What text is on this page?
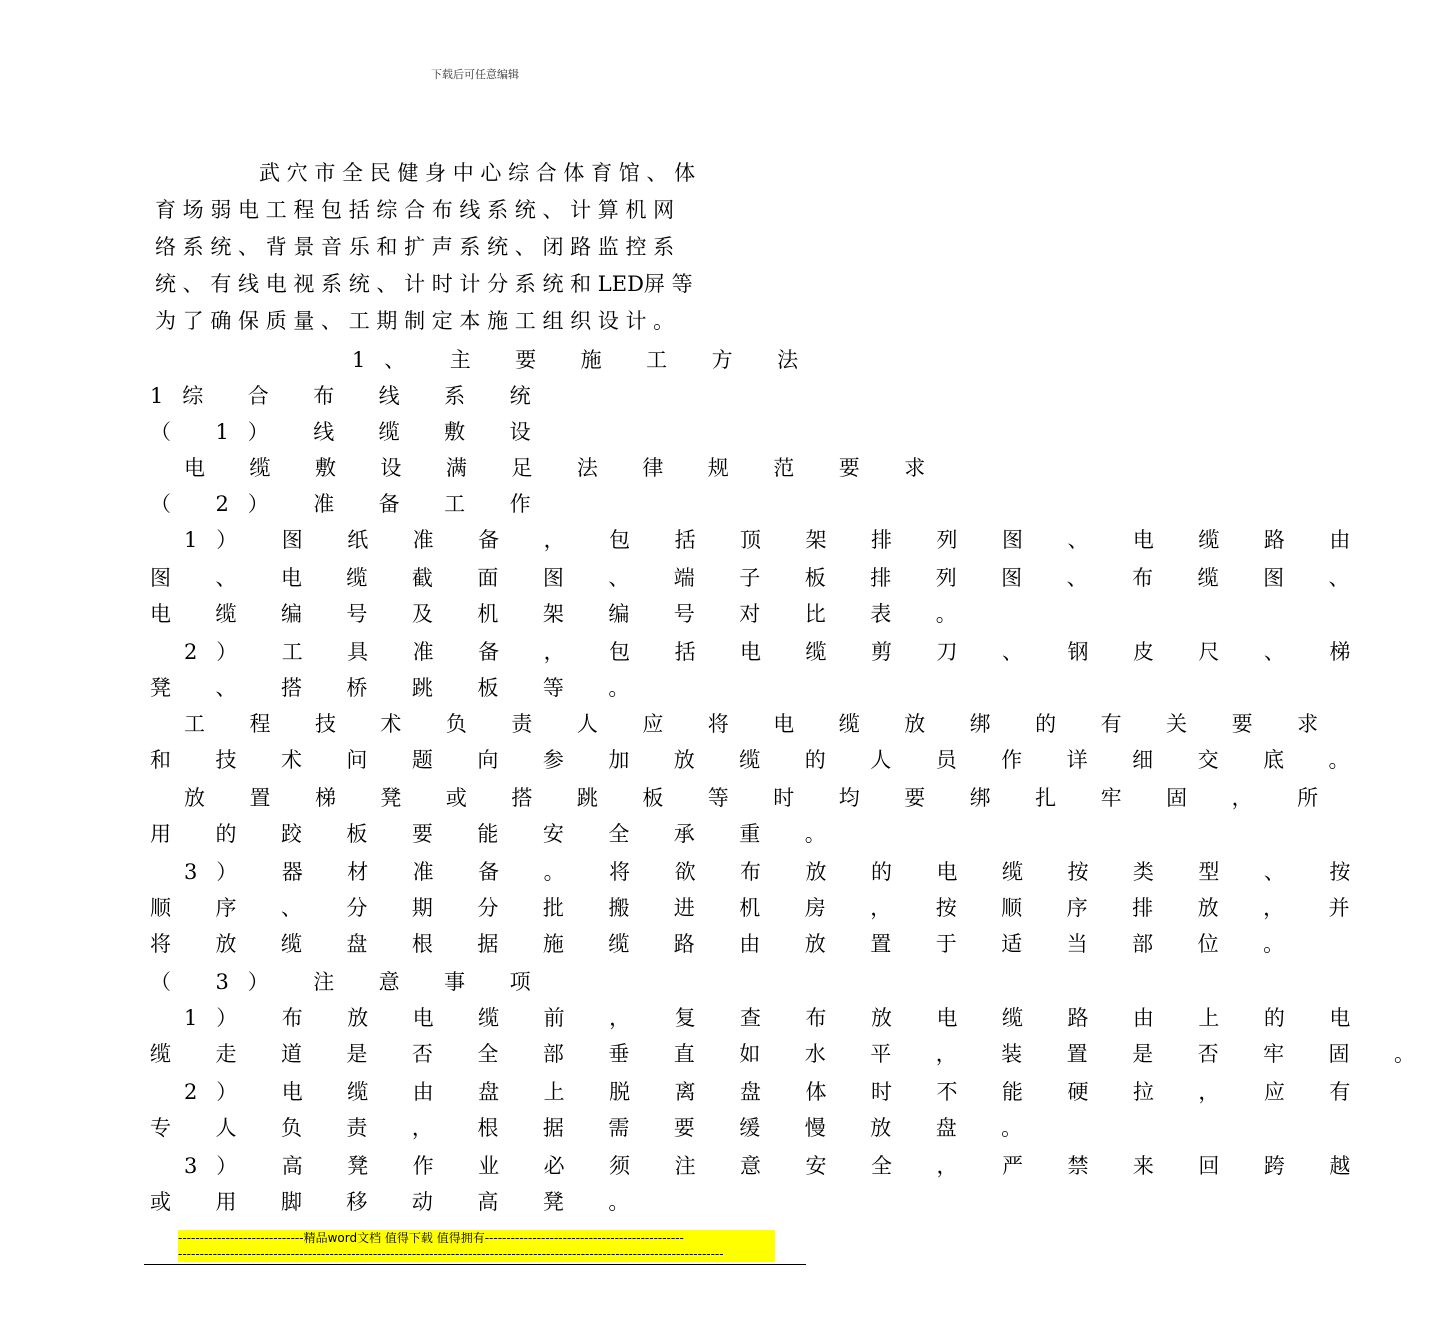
下载后可任意编辑
武 穴 市 全 民 健 身 中 心 综 合 体 育 馆 、 体
育 场 弱 电 工 程 包 括 综 合 布 线 系 统 、 计 算 机 网
络 系 统 、 背 景 音 乐 和 扩 声 系 统 、 闭 路 监 控 系
统 、 有 线 电 视 系 统 、 计 时 计 分 系 统 和 LED屏 等
为 了 确 保 质 量 、 工 期 制 定 本 施 工 组 织 设 计 。
1、 主 要 施 工 方 法
1综 合 布 线 系 统
（ 1） 线 缆 敷 设
电 缆 敷 设 满 足 法 律 规 范 要 求
（ 2） 准 备 工 作
1） 图 纸 准 备 ， 包 括 顶 架 排 列 图 、 电 缆 路 由
图 、 电 缆 截 面 图 、 端 子 板 排 列 图 、 布 缆 图 、
电 缆 编 号 及 机 架 编 号 对 比 表 。
2） 工 具 准 备 ， 包 括 电 缆 剪 刀 、 钢 皮 尺 、 梯
凳 、 搭 桥 跳 板 等 。
工 程 技 术 负 责 人 应 将 电 缆 放 绑 的 有 关 要 求
和 技 术 问 题 向 参 加 放 缆 的 人 员 作 详 细 交 底 。
放 置 梯 凳 或 搭 跳 板 等 时 均 要 绑 扎 牢 固 ， 所
用 的 跤 板 要 能 安 全 承 重 。
3） 器 材 准 备 。 将 欲 布 放 的 电 缆 按 类 型 、 按
顺 序 、 分 期 分 批 搬 进 机 房 ， 按 顺 序 排 放 ， 并
将 放 缆 盘 根 据 施 缆 路 由 放 置 于 适 当 部 位 。
（ 3） 注 意 事 项
1） 布 放 电 缆 前 ， 复 查 布 放 电 缆 路 由 上 的 电
缆 走 道 是 否 全 部 垂 直 如 水 平 ， 装 置 是 否 牢 固 。
2） 电 缆 由 盘 上 脱 离 盘 体 时 不 能 硬 拉 ， 应 有
专 人 负 责 ， 根 据 需 要 缓 慢 放 盘 。
3） 高 凳 作 业 必 须 注 意 安 全 ， 严 禁 来 回 跨 越
或 用 脚 移 动 高 凳 。
-----------------------------精品word文档 值得下载 值得拥有----------------------------------------------
------------------------------------------------------------------------------------------------------------------------------
